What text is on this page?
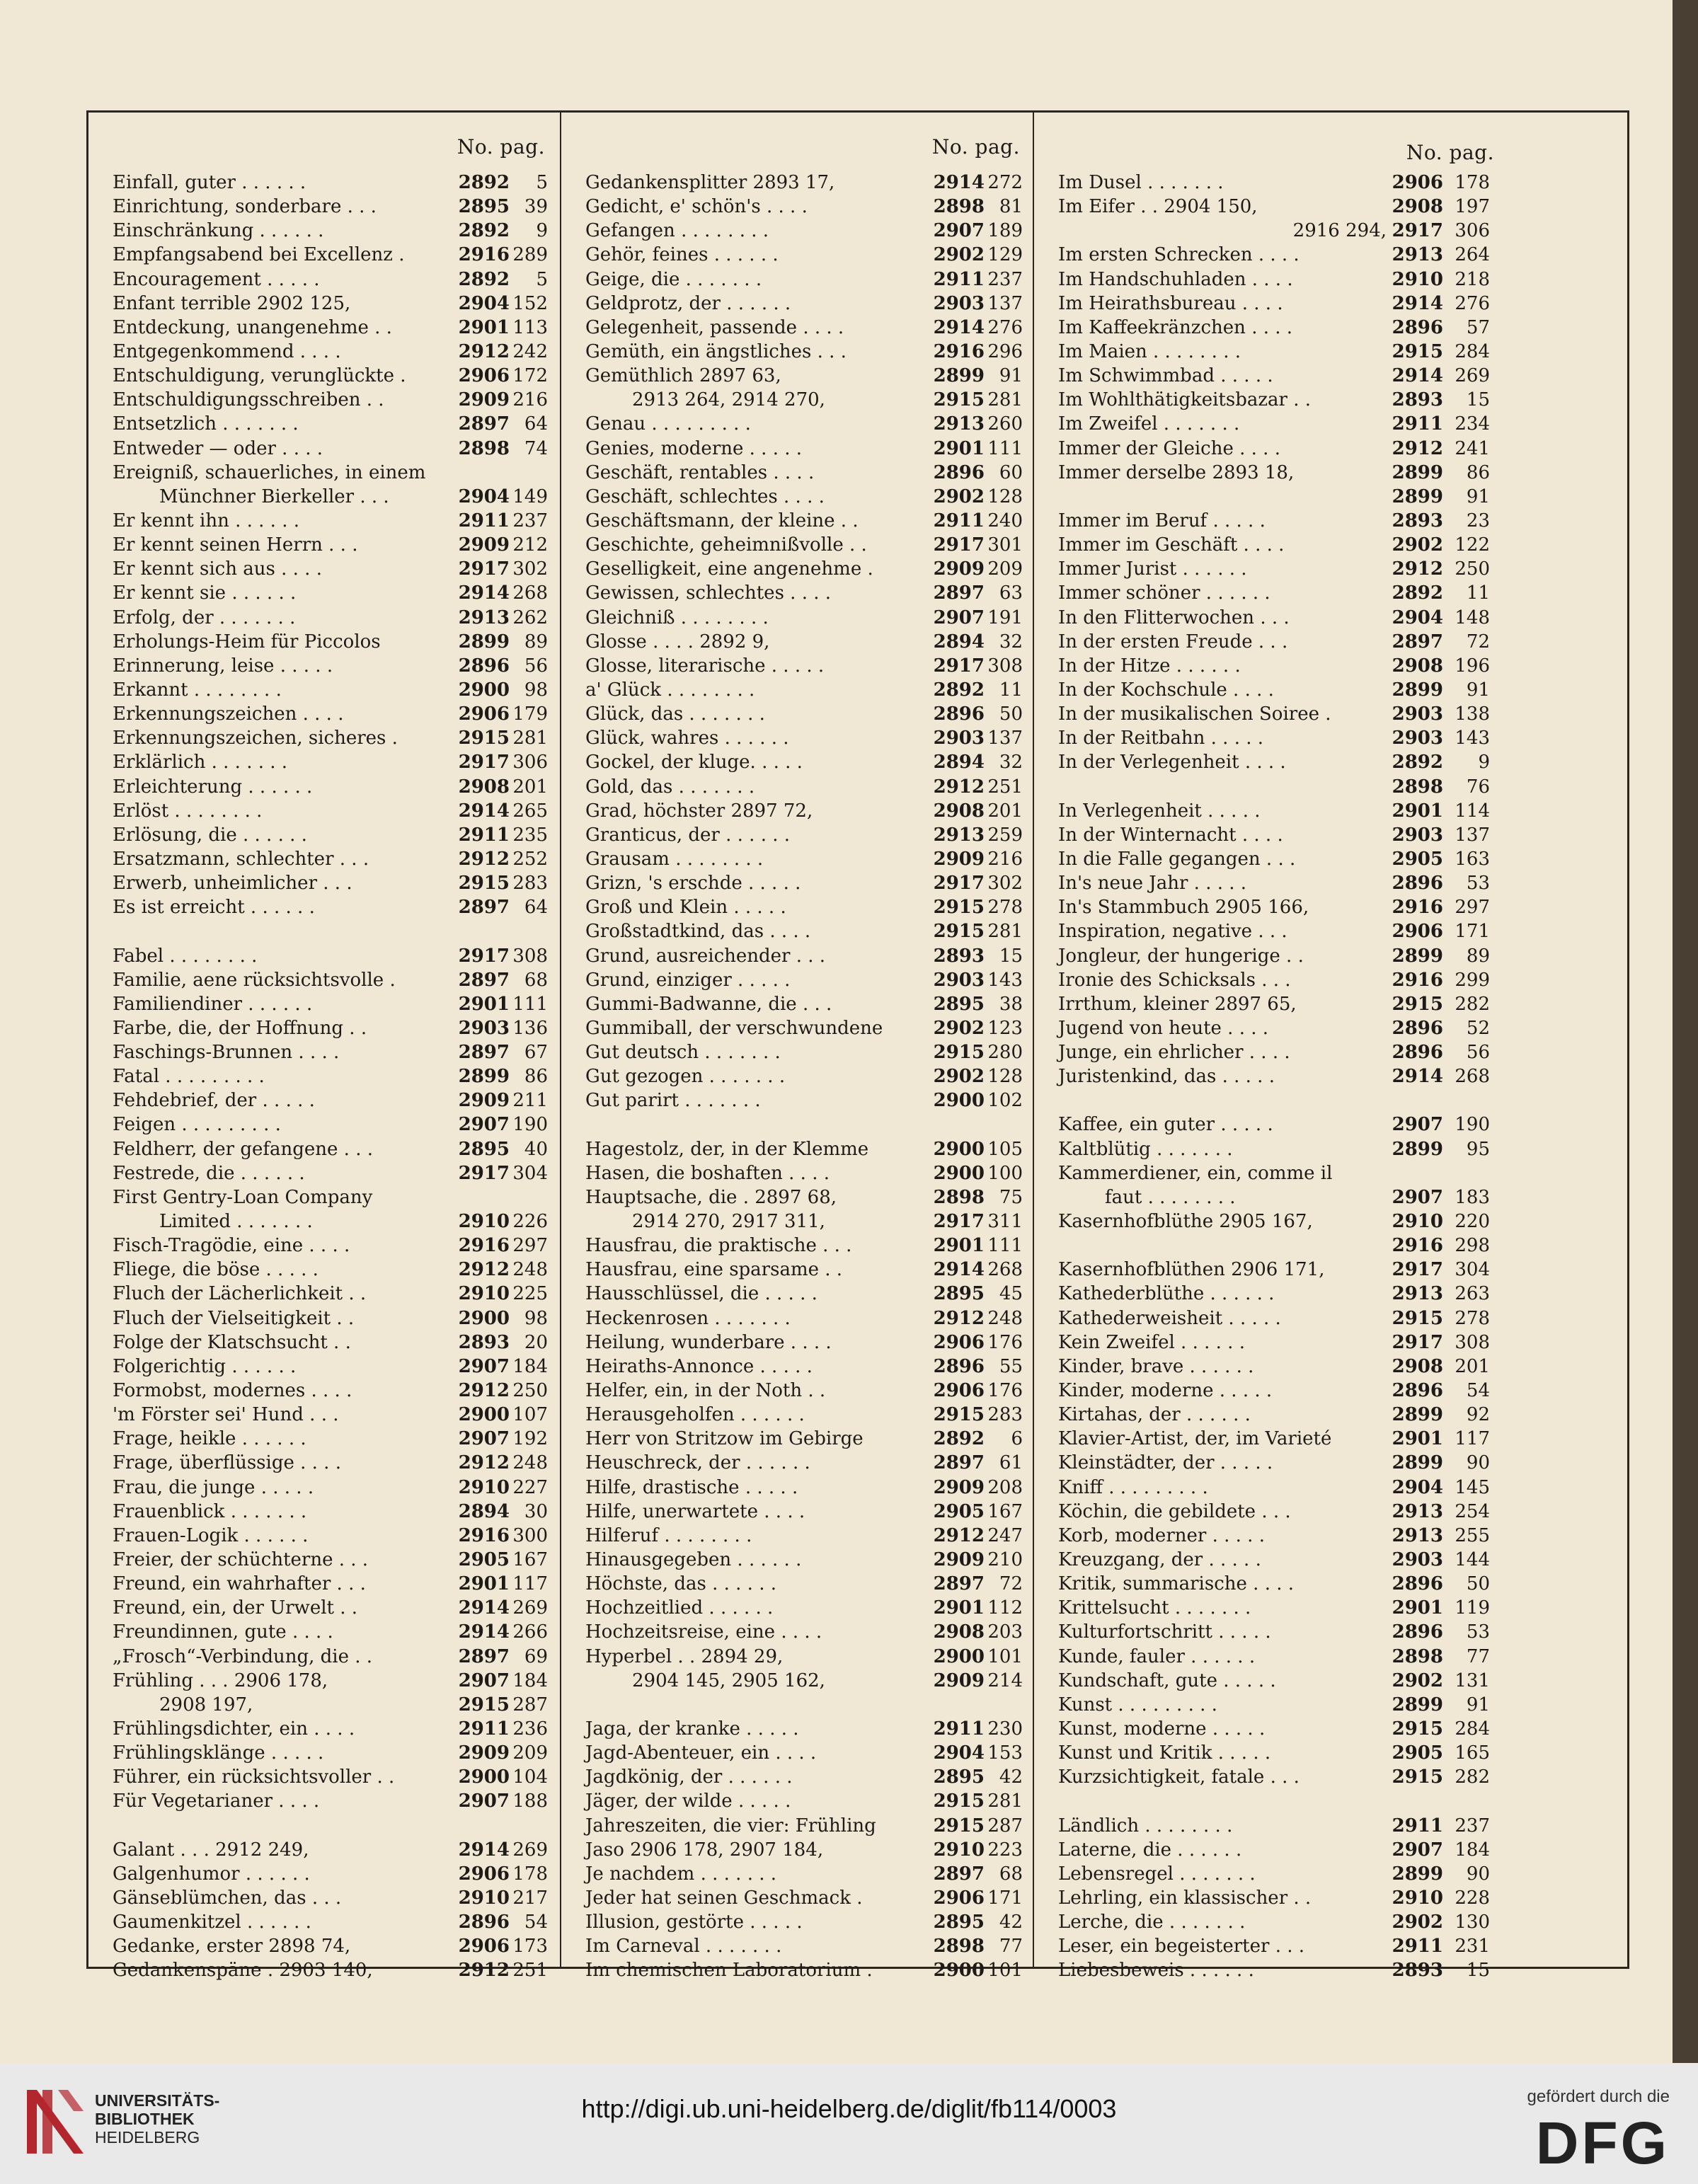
No. pag.
Einfall, guter . . . . . .	2892	5
Einrichtung, sonderbare . . .	2895 39
Einschränkung . . . . . .	2892	9
Empfangsabend bei Excellenz .	2916 289
Encouragement . . . . .	2892	5
Enfant terrible 2902 125,	2904 152
Entdeckung, unangenehme . .	2901 113
Entgegenkommend . . . .	2912 242
Entschuldigung, verunglückte .	2906 172
Entschuldigungsschreiben . .	2909 216
Entsetzlich . . . . . . .	2897 64
Entweder — oder . . . .	2898 74
Ereigniß, schauerliches, in einem
Münchner Bierkeller . . .	2904 149
Er kennt ihn . . . . . .	2911 237
Er kennt seinen Herrn . . .	2909 212
Er kennt sich aus . . . .	2917 302
Er kennt sie . . . . . .	2914 268
Erfolg, der . . . . . . .	2913 262
Erholungs-Heim für Piccolos	2899 89
Erinnerung, leise . . . . .	2896 56
Erkannt . . . . . . . .	2900 98
Erkennungszeichen . . . .	2906 179
Erkennungszeichen, sicheres .	2915 281
Erklärlich . . . . . . .	2917 306
Erleichterung . . . . . .	2908 201
Erlöst . . . . . . . .	2914 265
Erlösung, die . . . . . .	2911 235
Ersatzmann, schlechter . . .	2912 252
Erwerb, unheimlicher . . .	2915 283
Es ist erreicht . . . . . .	2897 64
Fabel . . . . . . . .	2917 308
Familie, aene rücksichtsvolle .	2897 68
Familiendiner . . . . . .	2901 111
Farbe, die, der Hoffnung . .	2903 136
Faschings-Brunnen . . . .	2897 67
Fatal . . . . . . . . .	2899 86
Fehdebrief, der . . . . .	2909 211
Feigen . . . . . . . . .	2907 190
Feldherr, der gefangene . . .	2895 40
Festrede, die . . . . . .	2917 304
First Gentry-Loan Company
Limited . . . . . . .	2910 226
Fisch-Tragödie, eine . . . .	2916 297
Fliege, die böse . . . . .	2912 248
Fluch der Lächerlichkeit . .	2910 225
Fluch der Vielseitigkeit . .	2900 98
Folge der Klatschsucht . .	2893 20
Folgerichtig . . . . . .	2907 184
Formobst, modernes . . . .	2912 250
'm Förster sei' Hund . . .	2900 107
Frage, heikle . . . . . .	2907 192
Frage, überflüssige . . . .	2912 248
Frau, die junge . . . . .	2910 227
Frauenblick . . . . . . .	2894 30
Frauen-Logik . . . . . .	2916 300
Freier, der schüchterne . . .	2905 167
Freund, ein wahrhafter . . .	2901 117
Freund, ein, der Urwelt . .	2914 269
Freundinnen, gute . . . .	2914 266
„Frosch“-Verbindung, die . .	2897 69
Frühling . . . 2906 178,	2907 184
2908 197,	2915 287
Frühlingsdichter, ein . . . .	2911 236
Frühlingsklänge . . . . .	2909 209
Führer, ein rücksichtsvoller . .	2900 104
Für Vegetarianer . . . .	2907 188
Galant . . . 2912 249,	2914 269
Galgenhumor . . . . . .	2906 178
Gänseblümchen, das . . .	2910 217
Gaumenkitzel . . . . . .	2896 54
Gedanke, erster 2898 74,	2906 173
Gedankenspäne . 2903 140,	2912 251
No. pag.
Gedankensplitter 2893 17,	2914 272
Gedicht, e' schön's . . . .	2898 81
Gefangen . . . . . . . .	2907 189
Gehör, feines . . . . . .	2902 129
Geige, die . . . . . . .	2911 237
Geldprotz, der . . . . . .	2903 137
Gelegenheit, passende . . . .	2914 276
Gemüth, ein ängstliches . . .	2916 296
Gemüthlich 2897 63,	2899 91
2913 264, 2914 270,	2915 281
Genau . . . . . . . . .	2913 260
Genies, moderne . . . . .	2901 111
Geschäft, rentables . . . .	2896 60
Geschäft, schlechtes . . . .	2902 128
Geschäftsmann, der kleine . .	2911 240
Geschichte, geheimnißvolle . .	2917 301
Geselligkeit, eine angenehme .	2909 209
Gewissen, schlechtes . . . .	2897 63
Gleichniß . . . . . . . .	2907 191
Glosse . . . . 2892 9,	2894 32
Glosse, literarische . . . . .	2917 308
a' Glück . . . . . . . .	2892 11
Glück, das . . . . . . .	2896 50
Glück, wahres . . . . . .	2903 137
Gockel, der kluge. . . . .	2894 32
Gold, das . . . . . . .	2912 251
Grad, höchster 2897 72,	2908 201
Granticus, der . . . . . .	2913 259
Grausam . . . . . . . .	2909 216
Grizn, 's erschde . . . . .	2917 302
Groß und Klein . . . . .	2915 278
Großstadtkind, das . . . .	2915 281
Grund, ausreichender . . .	2893 15
Grund, einziger . . . . .	2903 143
Gummi-Badwanne, die . . .	2895 38
Gummiball, der verschwundene	2902 123
Gut deutsch . . . . . . .	2915 280
Gut gezogen . . . . . . .	2902 128
Gut parirt . . . . . . .	2900 102
Hagestolz, der, in der Klemme	2900 105
Hasen, die boshaften . . . .	2900 100
Hauptsache, die . 2897 68,	2898 75
2914 270, 2917 311,	2917 311
Hausfrau, die praktische . . .	2901 111
Hausfrau, eine sparsame . .	2914 268
Hausschlüssel, die . . . . .	2895 45
Heckenrosen . . . . . . .	2912 248
Heilung, wunderbare . . . .	2906 176
Heiraths-Annonce . . . . .	2896 55
Helfer, ein, in der Noth . .	2906 176
Herausgeholfen . . . . . .	2915 283
Herr von Stritzow im Gebirge	2892	6
Heuschreck, der . . . . . .	2897 61
Hilfe, drastische . . . . .	2909 208
Hilfe, unerwartete . . . .	2905 167
Hilferuf . . . . . . . .	2912 247
Hinausgegeben . . . . . .	2909 210
Höchste, das . . . . . .	2897 72
Hochzeitlied . . . . . .	2901 112
Hochzeitsreise, eine . . . .	2908 203
Hyperbel . . 2894 29,	2900 101
2904 145, 2905 162,	2909 214
Jaga, der kranke . . . . .	2911 230
Jagd-Abenteuer, ein . . . .	2904 153
Jagdkönig, der . . . . . .	2895 42
Jäger, der wilde . . . . .	2915 281
Jahreszeiten, die vier: Frühling	2915 287
Jaso 2906 178, 2907 184,	2910 223
Je nachdem . . . . . . .	2897 68
Jeder hat seinen Geschmack .	2906 171
Illusion, gestörte . . . . .	2895 42
Im Carneval . . . . . . .	2898 77
Im chemischen Laboratorium .	2900 101
No. pag.
Im Dusel . . . . . . .	2906 178
Im Eifer . . 2904 150,	2908 197
2916 294, 2917 306
Im ersten Schrecken . . . .	2913 264
Im Handschuhladen . . . .	2910 218
Im Heirathsbureau . . . .	2914 276
Im Kaffeekränzchen . . . .	2896	57
Im Maien . . . . . . . .	2915 284
Im Schwimmbad . . . . .	2914 269
Im Wohlthätigkeitsbazar . .	2893	15
Im Zweifel . . . . . . .	2911 234
Immer der Gleiche . . . .	2912 241
Immer derselbe 2893 18,	2899	86
2899	91
Immer im Beruf . . . . .	2893	23
Immer im Geschäft . . . .	2902 122
Immer Jurist . . . . . .	2912 250
Immer schöner . . . . . .	2892	11
In den Flitterwochen . . .	2904 148
In der ersten Freude . . .	2897	72
In der Hitze . . . . . .	2908 196
In der Kochschule . . . .	2899	91
In der musikalischen Soiree .	2903 138
In der Reitbahn . . . . .	2903 143
In der Verlegenheit . . . .	2892	9
2898	76
In Verlegenheit . . . . .	2901 114
In der Winternacht . . . .	2903 137
In die Falle gegangen . . .	2905 163
In's neue Jahr . . . . .	2896	53
In's Stammbuch 2905 166,	2916 297
Inspiration, negative . . .	2906 171
Jongleur, der hungerige . .	2899	89
Ironie des Schicksals . . .	2916 299
Irrthum, kleiner 2897 65,	2915 282
Jugend von heute . . . .	2896	52
Junge, ein ehrlicher . . . .	2896	56
Juristenkind, das . . . . .	2914 268
Kaffee, ein guter . . . . .	2907 190
Kaltblütig . . . . . . .	2899	95
Kammerdiener, ein, comme il
faut . . . . . . . .	2907 183
Kasernhofblüthe 2905 167,	2910 220
2916 298
Kasernhofblüthen 2906 171,	2917 304
Kathederblüthe . . . . . .	2913 263
Kathederweisheit . . . . .	2915 278
Kein Zweifel . . . . . .	2917 308
Kinder, brave . . . . . .	2908 201
Kinder, moderne . . . . .	2896	54
Kirtahas, der . . . . . .	2899	92
Klavier-Artist, der, im Varieté	2901 117
Kleinstädter, der . . . . .	2899	90
Kniff . . . . . . . . .	2904 145
Köchin, die gebildete . . .	2913 254
Korb, moderner . . . . .	2913 255
Kreuzgang, der . . . . .	2903 144
Kritik, summarische . . . .	2896	50
Krittelsucht . . . . . . .	2901 119
Kulturfortschritt . . . . .	2896	53
Kunde, fauler . . . . . .	2898	77
Kundschaft, gute . . . . .	2902 131
Kunst . . . . . . . . .	2899	91
Kunst, moderne . . . . .	2915 284
Kunst und Kritik . . . . .	2905 165
Kurzsichtigkeit, fatale . . .	2915 282
Ländlich . . . . . . . .	2911 237
Laterne, die . . . . . .	2907 184
Lebensregel . . . . . . .	2899	90
Lehrling, ein klassischer . .	2910 228
Lerche, die . . . . . . .	2902 130
Leser, ein begeisterter . . .	2911 231
Liebesbeweis . . . . . .	2893	15
UNIVERSITÄTS-
BIBLIOTHEK
HEIDELBERG
http://digi.ub.uni-heidelberg.de/diglit/fb114/0003	gefördert durch die
DFG
